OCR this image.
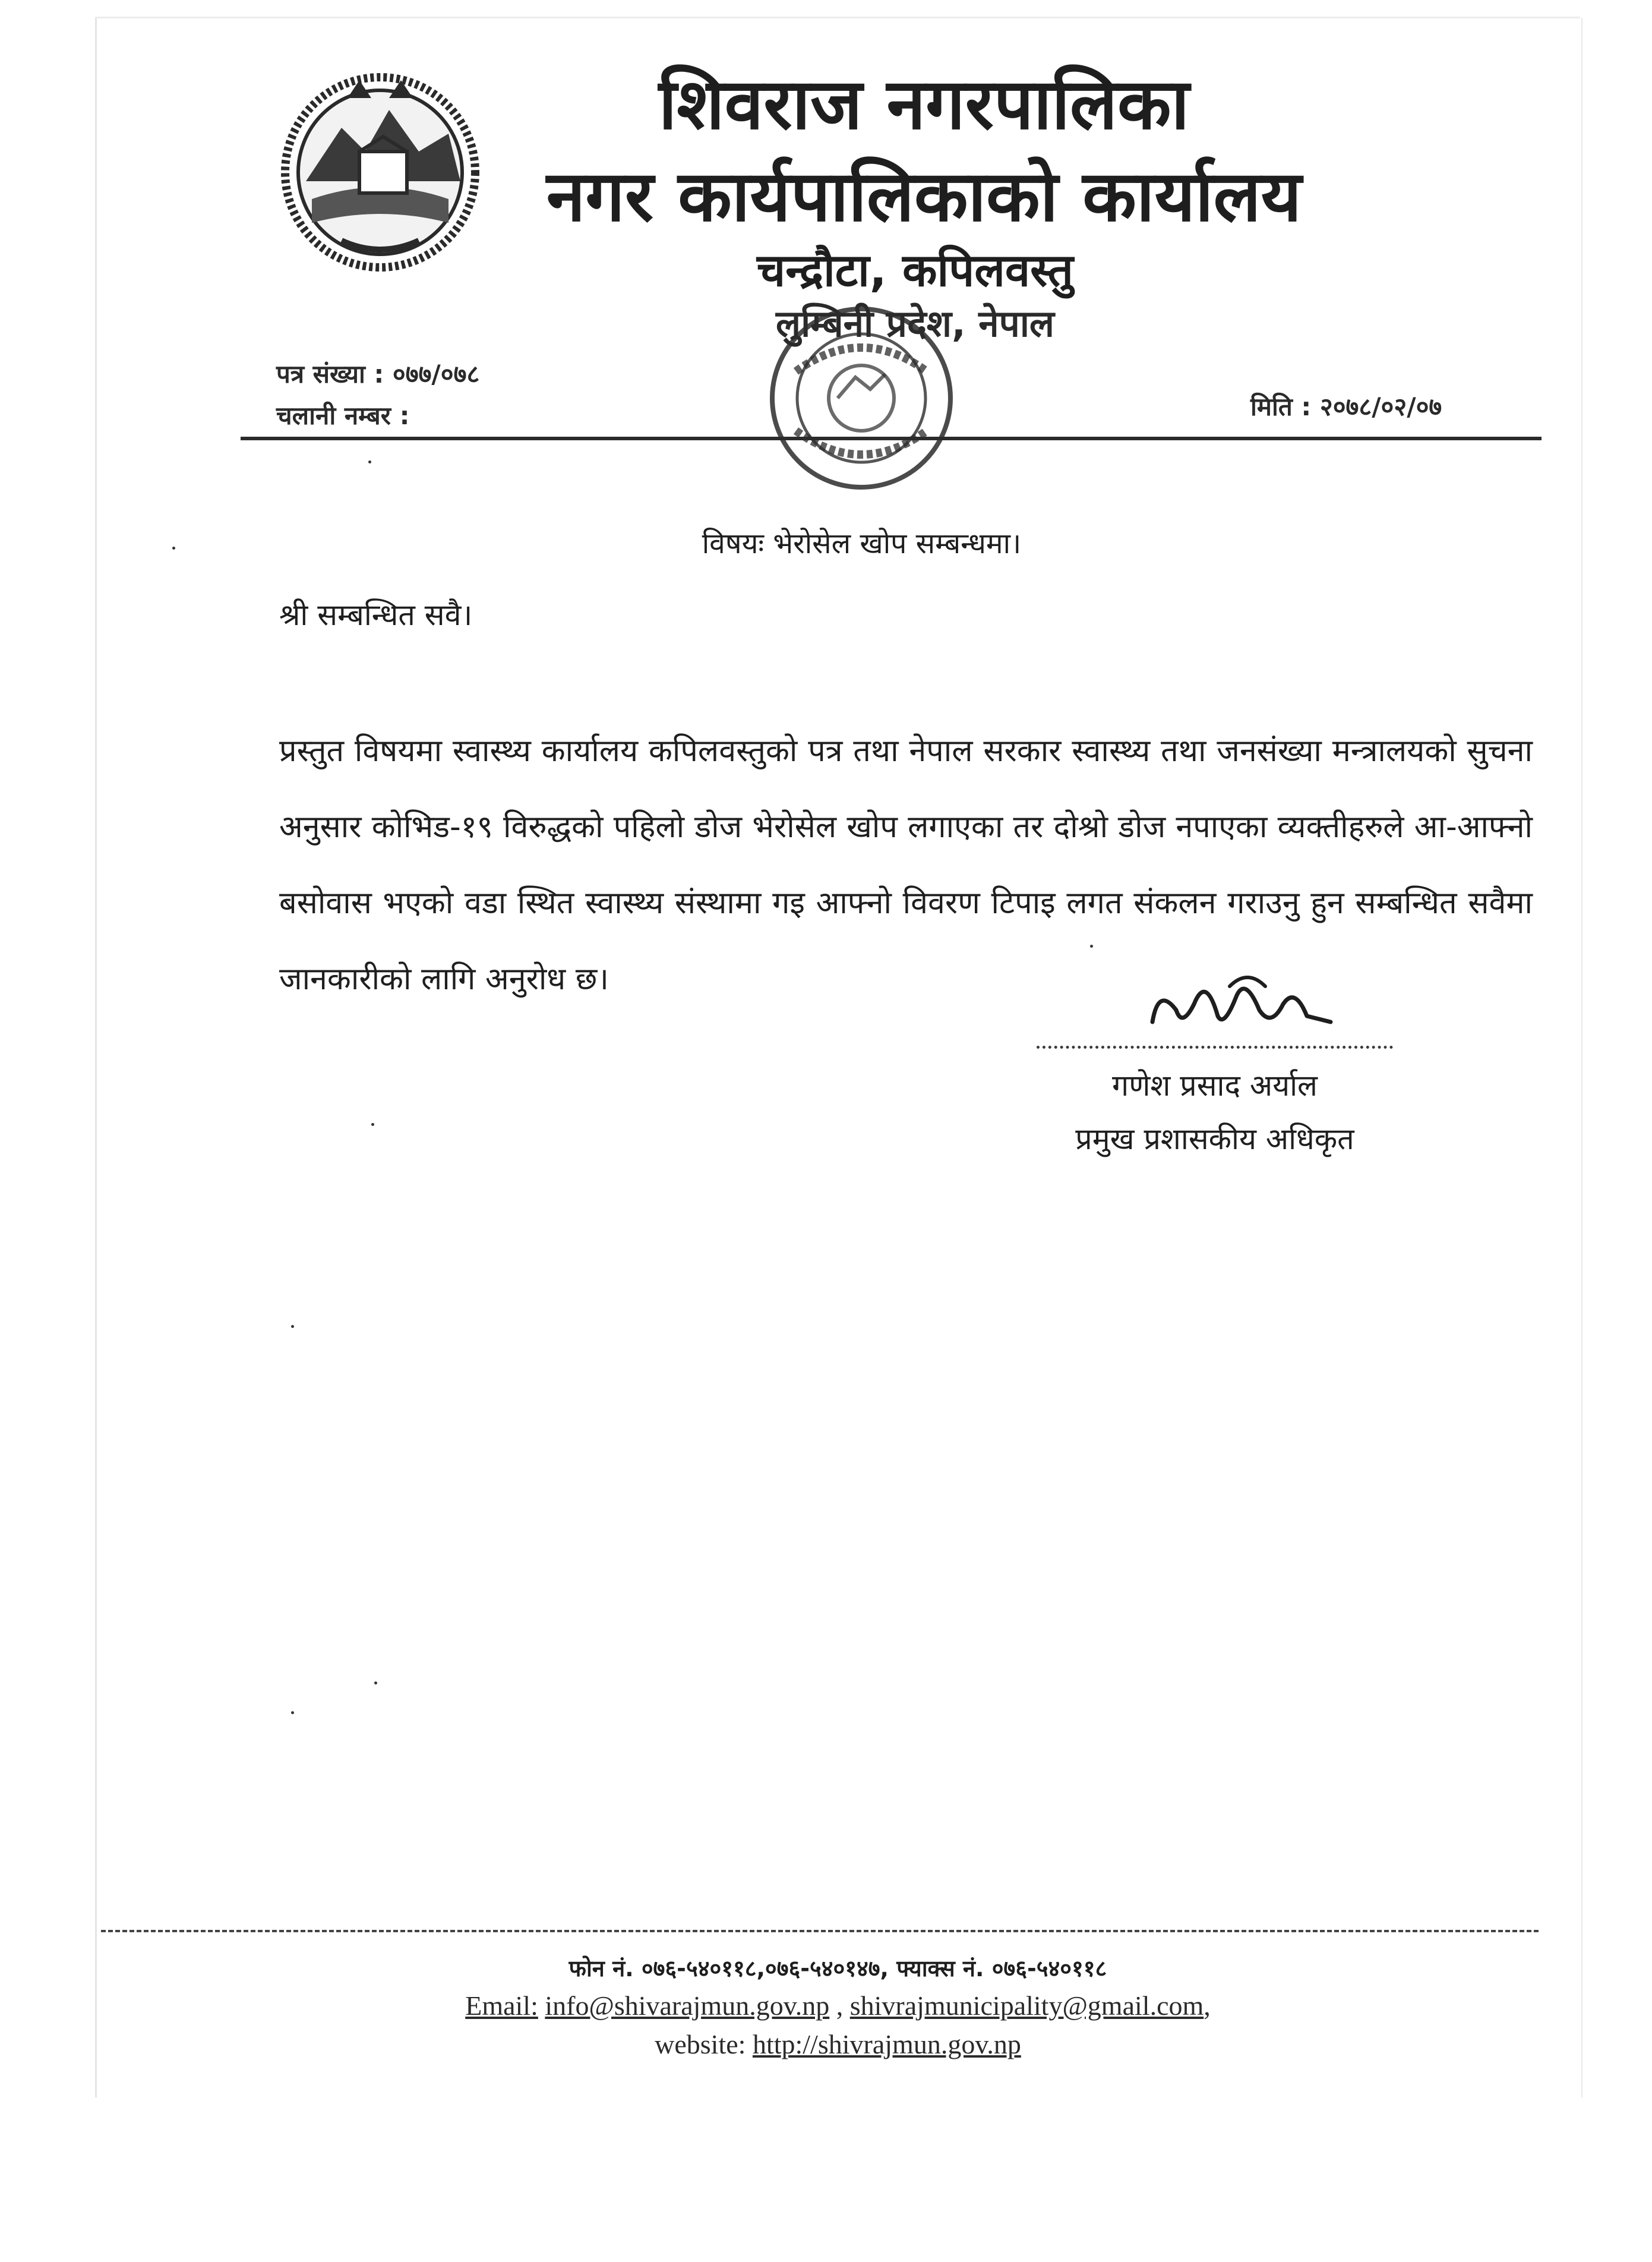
शिवराज नगरपालिका
नगर कार्यपालिकाको कार्यालय
चन्द्रौटा, कपिलवस्तु
लुम्बिनी प्रदेश, नेपाल
पत्र संख्या : ०७७/०७८
चलानी नम्बर :	मिति : २०७८/०२/०७
विषयः भेरोसेल खोप सम्बन्धमा।
श्री सम्बन्धित सवै।

प्रस्तुत विषयमा स्वास्थ्य कार्यालय कपिलवस्तुको पत्र तथा नेपाल सरकार स्वास्थ्य तथा जनसंख्या मन्त्रालयको सुचना अनुसार कोभिड-१९ विरुद्धको पहिलो डोज भेरोसेल खोप लगाएका तर दोश्रो डोज नपाएका व्यक्तीहरुले आ-आफ्नो बसोवास भएको वडा स्थित स्वास्थ्य संस्थामा गइ आफ्नो विवरण टिपाइ लगत संकलन गराउनु हुन सम्बन्धित सवैमा जानकारीको लागि अनुरोध छ।

गणेश प्रसाद अर्याल
प्रमुख प्रशासकीय अधिकृत
फोन नं. ०७६-५४०११८,०७६-५४०१४७, फ्याक्स नं. ०७६-५४०११८
Email: info@shivarajmun.gov.np , shivrajmunicipality@gmail.com,
website: http://shivrajmun.gov.np
